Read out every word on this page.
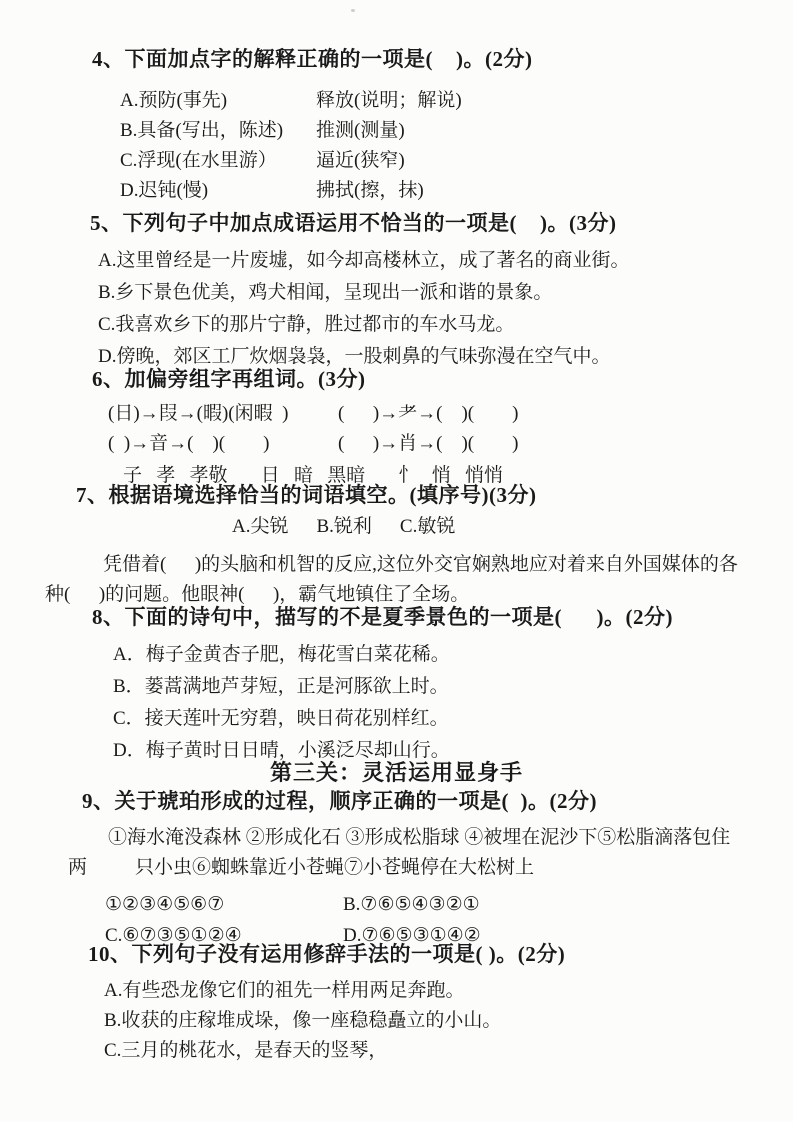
4、下面加点字的解释正确的一项是(    )。(2分)
A.预防(事先)	释放(说明；解说)
B.具备(写出，陈述)	推测(测量)
C.浮现(在水里游）	逼近(狭窄)
D.迟钝(慢)	拂拭(擦，抹)
5、下列句子中加点成语运用不恰当的一项是(    )。(3分)
A.这里曾经是一片废墟，如今却高楼林立，成了著名的商业街。
B.乡下景色优美，鸡犬相闻，呈现出一派和谐的景象。
C.我喜欢乡下的那片宁静，胜过都市的车水马龙。
D.傍晚，郊区工厂炊烟袅袅，一股刺鼻的气味弥漫在空气中。
6、加偏旁组字再组词。(3分)
(日)→叚→(暇)(闲暇  )	(      )→耂→(    )(        )
(  )→音→(    )(        )	(      )→肖→(    )(        )
子   孝   孝敬       日   暗   黑暗       忄   悄   悄悄
7、根据语境选择恰当的词语填空。(填序号)(3分)
A.尖锐 B.锐利 C.敏锐
凭借着(      )的头脑和机智的反应,这位外交官娴熟地应对着来自外国媒体的各
种(      )的问题。他眼神(      )，霸气地镇住了全场。
8、下面的诗句中，描写的不是夏季景色的一项是(      )。(2分)
A．梅子金黄杏子肥，梅花雪白菜花稀。
B．蒌蒿满地芦芽短，正是河豚欲上时。
C．接天莲叶无穷碧，映日荷花别样红。
D．梅子黄时日日晴，小溪泛尽却山行。
第三关：灵活运用显身手
9、关于琥珀形成的过程，顺序正确的一项是(  )。(2分)
①海水淹没森林 ②形成化石 ③形成松脂球 ④被埋在泥沙下⑤松脂滴落包住
两	只小虫⑥蜘蛛靠近小苍蝇⑦小苍蝇停在大松树上
①②③④⑤⑥⑦	B.⑦⑥⑤④③②①
C.⑥⑦③⑤①②④	D.⑦⑥⑤③①④②
10、下列句子没有运用修辞手法的一项是( )。(2分)
A.有些恐龙像它们的祖先一样用两足奔跑。
B.收获的庄稼堆成垛，像一座稳稳矗立的小山。
C.三月的桃花水，是春天的竖琴，
